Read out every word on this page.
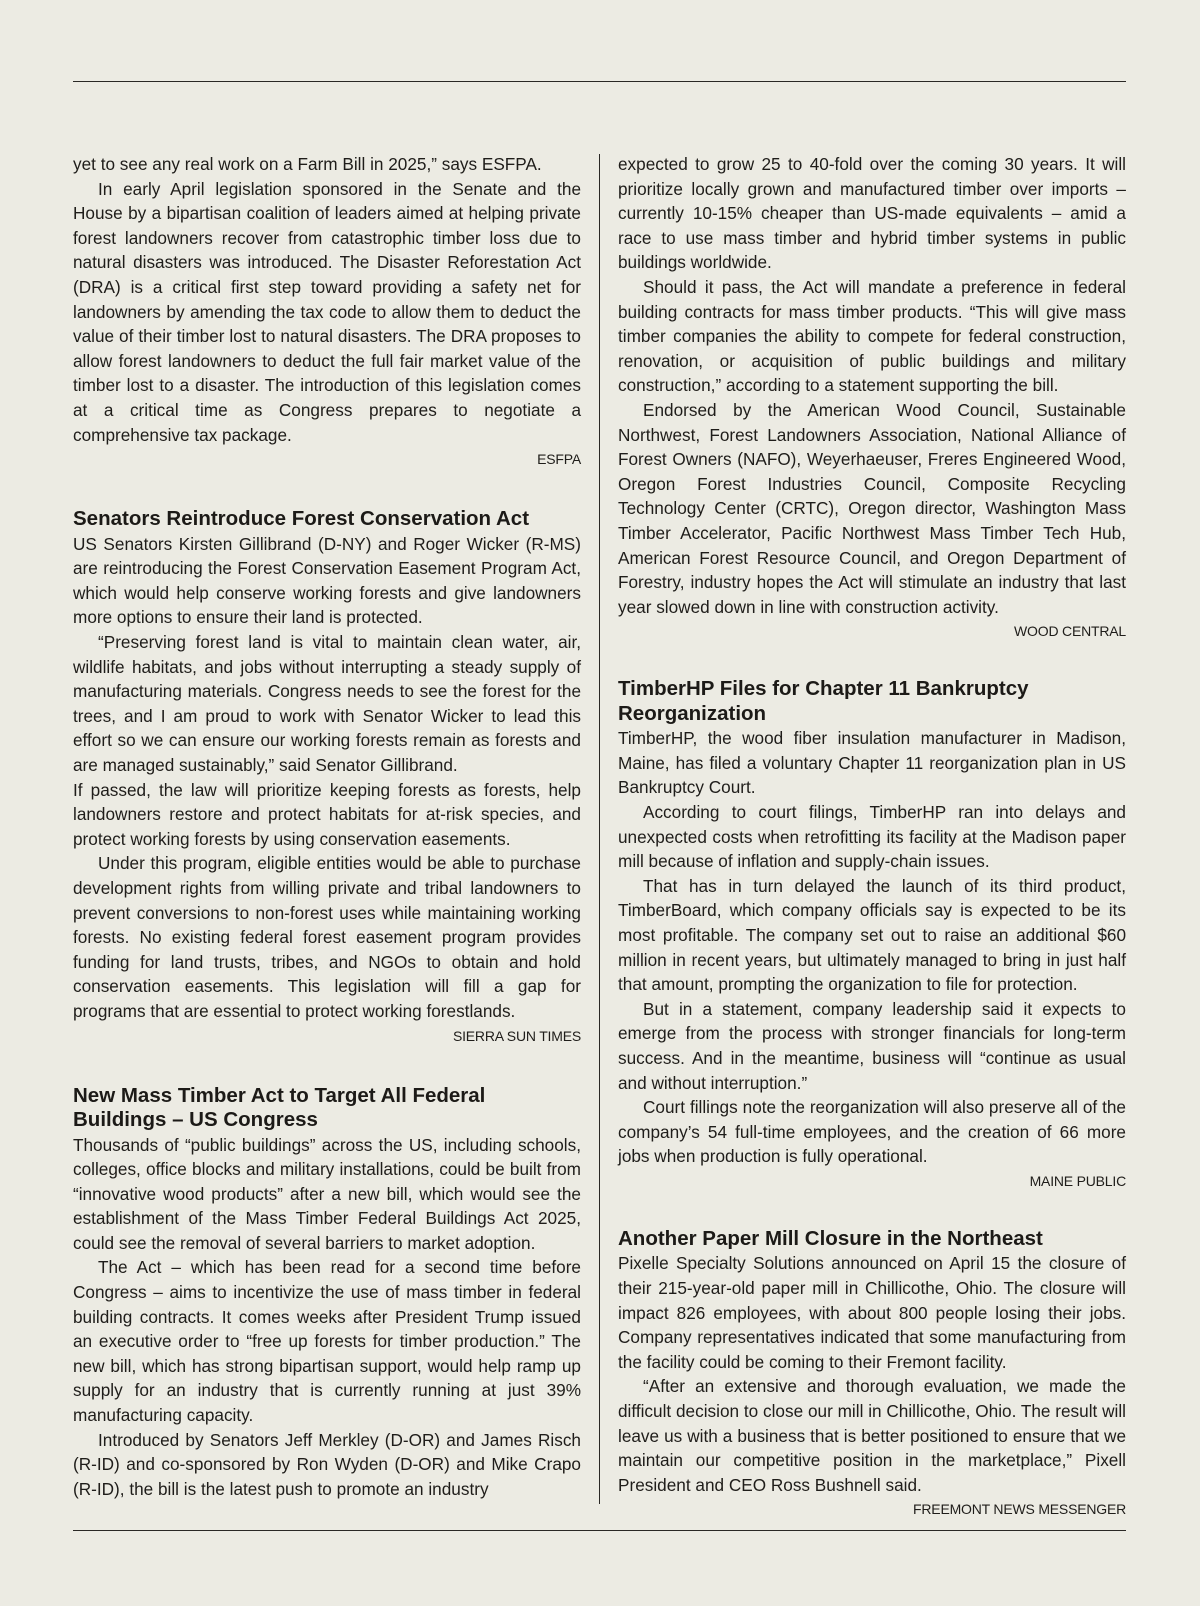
yet to see any real work on a Farm Bill in 2025,” says ESFPA.

In early April legislation sponsored in the Senate and the House by a bipartisan coalition of leaders aimed at helping private forest landowners recover from catastrophic timber loss due to natural disasters was introduced. The Disaster Reforestation Act (DRA) is a critical first step toward providing a safety net for landowners by amending the tax code to allow them to deduct the value of their timber lost to natural disasters. The DRA proposes to allow forest landowners to deduct the full fair market value of the timber lost to a disaster. The introduction of this legislation comes at a critical time as Congress prepares to negotiate a comprehensive tax package.

ESFPA
Senators Reintroduce Forest Conservation Act

US Senators Kirsten Gillibrand (D-NY) and Roger Wicker (R-MS) are reintroducing the Forest Conservation Easement Program Act, which would help conserve working forests and give landowners more options to ensure their land is protected.

“Preserving forest land is vital to maintain clean water, air, wildlife habitats, and jobs without interrupting a steady supply of manufacturing materials. Congress needs to see the forest for the trees, and I am proud to work with Senator Wicker to lead this effort so we can ensure our working forests remain as forests and are managed sustainably,” said Senator Gillibrand.

If passed, the law will prioritize keeping forests as forests, help landowners restore and protect habitats for at-risk species, and protect working forests by using conservation easements.

Under this program, eligible entities would be able to purchase development rights from willing private and tribal landowners to prevent conversions to non-forest uses while maintaining working forests. No existing federal forest easement program provides funding for land trusts, tribes, and NGOs to obtain and hold conservation easements. This legislation will fill a gap for programs that are essential to protect working forestlands.

SIERRA SUN TIMES
New Mass Timber Act to Target All Federal Buildings – US Congress

Thousands of “public buildings” across the US, including schools, colleges, office blocks and military installations, could be built from “innovative wood products” after a new bill, which would see the establishment of the Mass Timber Federal Buildings Act 2025, could see the removal of several barriers to market adoption.

The Act – which has been read for a second time before Congress – aims to incentivize the use of mass timber in federal building contracts. It comes weeks after President Trump issued an executive order to “free up forests for timber production.” The new bill, which has strong bipartisan support, would help ramp up supply for an industry that is currently running at just 39% manufacturing capacity.

Introduced by Senators Jeff Merkley (D-OR) and James Risch (R-ID) and co-sponsored by Ron Wyden (D-OR) and Mike Crapo (R-ID), the bill is the latest push to promote an industry

expected to grow 25 to 40-fold over the coming 30 years. It will prioritize locally grown and manufactured timber over imports – currently 10-15% cheaper than US-made equivalents – amid a race to use mass timber and hybrid timber systems in public buildings worldwide.

Should it pass, the Act will mandate a preference in federal building contracts for mass timber products. “This will give mass timber companies the ability to compete for federal construction, renovation, or acquisition of public buildings and military construction,” according to a statement supporting the bill.

Endorsed by the American Wood Council, Sustainable Northwest, Forest Landowners Association, National Alliance of Forest Owners (NAFO), Weyerhaeuser, Freres Engineered Wood, Oregon Forest Industries Council, Composite Recycling Technology Center (CRTC), Oregon director, Washington Mass Timber Accelerator, Pacific Northwest Mass Timber Tech Hub, American Forest Resource Council, and Oregon Department of Forestry, industry hopes the Act will stimulate an industry that last year slowed down in line with construction activity.

WOOD CENTRAL
TimberHP Files for Chapter 11 Bankruptcy Reorganization

TimberHP, the wood fiber insulation manufacturer in Madison, Maine, has filed a voluntary Chapter 11 reorganization plan in US Bankruptcy Court.

According to court filings, TimberHP ran into delays and unexpected costs when retrofitting its facility at the Madison paper mill because of inflation and supply-chain issues.

That has in turn delayed the launch of its third product, TimberBoard, which company officials say is expected to be its most profitable. The company set out to raise an additional $60 million in recent years, but ultimately managed to bring in just half that amount, prompting the organization to file for protection.

But in a statement, company leadership said it expects to emerge from the process with stronger financials for long-term success. And in the meantime, business will “continue as usual and without interruption.”

Court fillings note the reorganization will also preserve all of the company’s 54 full-time employees, and the creation of 66 more jobs when production is fully operational.

MAINE PUBLIC
Another Paper Mill Closure in the Northeast

Pixelle Specialty Solutions announced on April 15 the closure of their 215-year-old paper mill in Chillicothe, Ohio. The closure will impact 826 employees, with about 800 people losing their jobs. Company representatives indicated that some manufacturing from the facility could be coming to their Fremont facility.

“After an extensive and thorough evaluation, we made the difficult decision to close our mill in Chillicothe, Ohio. The result will leave us with a business that is better positioned to ensure that we maintain our competitive position in the marketplace,” Pixell President and CEO Ross Bushnell said.

FREEMONT NEWS MESSENGER
